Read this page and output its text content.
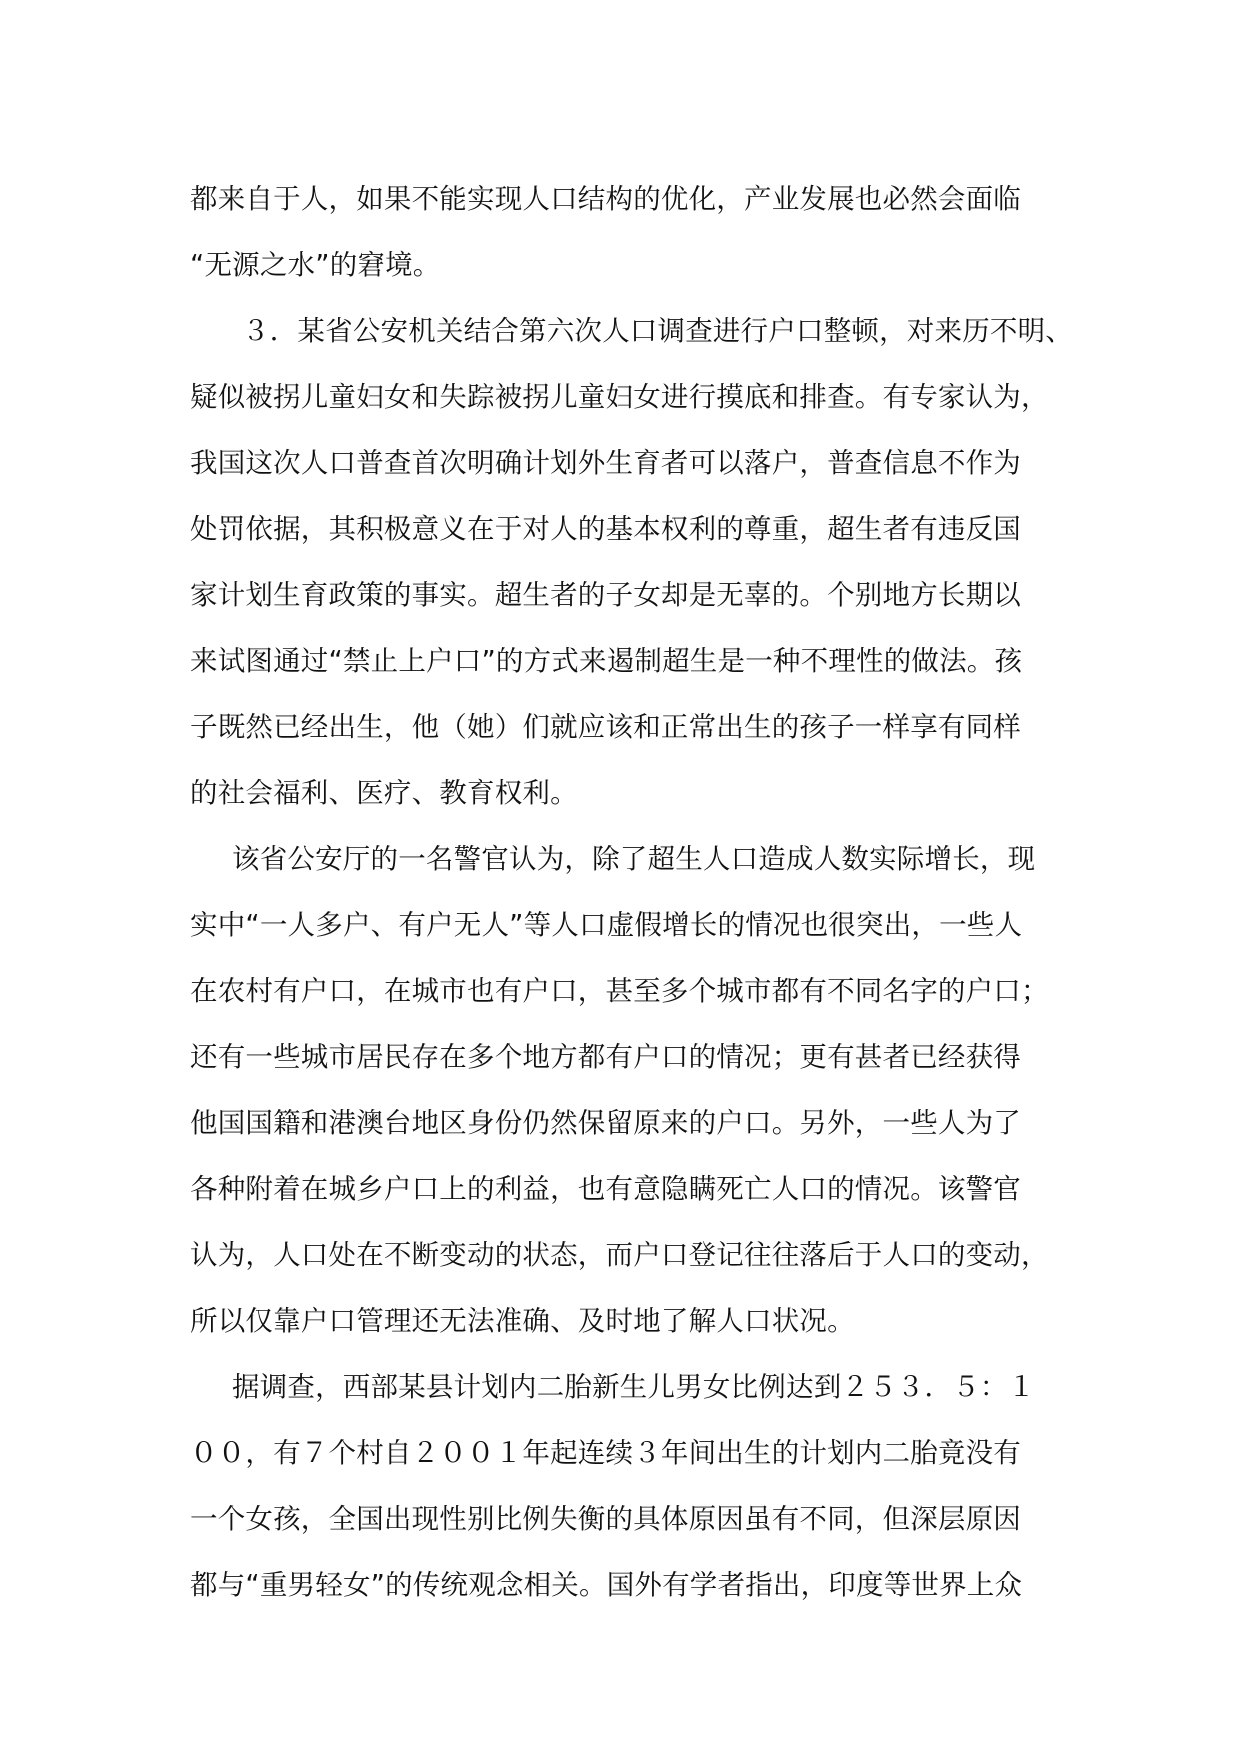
都来自于人，如果不能实现人口结构的优化，产业发展也必然会面临
“无源之水”的窘境。
３．某省公安机关结合第六次人口调查进行户口整顿，对来历不明、
疑似被拐儿童妇女和失踪被拐儿童妇女进行摸底和排查。有专家认为，
我国这次人口普查首次明确计划外生育者可以落户，普查信息不作为
处罚依据，其积极意义在于对人的基本权利的尊重，超生者有违反国
家计划生育政策的事实。超生者的子女却是无辜的。个别地方长期以
来试图通过“禁止上户口”的方式来遏制超生是一种不理性的做法。孩
子既然已经出生，他（她）们就应该和正常出生的孩子一样享有同样
的社会福利、医疗、教育权利。
该省公安厅的一名警官认为，除了超生人口造成人数实际增长，现
实中“一人多户、有户无人”等人口虚假增长的情况也很突出，一些人
在农村有户口，在城市也有户口，甚至多个城市都有不同名字的户口；
还有一些城市居民存在多个地方都有户口的情况；更有甚者已经获得
他国国籍和港澳台地区身份仍然保留原来的户口。另外，一些人为了
各种附着在城乡户口上的利益，也有意隐瞒死亡人口的情况。该警官
认为，人口处在不断变动的状态，而户口登记往往落后于人口的变动，
所以仅靠户口管理还无法准确、及时地了解人口状况。
据调查，西部某县计划内二胎新生儿男女比例达到２５３．５：１
００，有７个村自２００１年起连续３年间出生的计划内二胎竟没有
一个女孩，全国出现性别比例失衡的具体原因虽有不同，但深层原因
都与“重男轻女”的传统观念相关。国外有学者指出，印度等世界上众
